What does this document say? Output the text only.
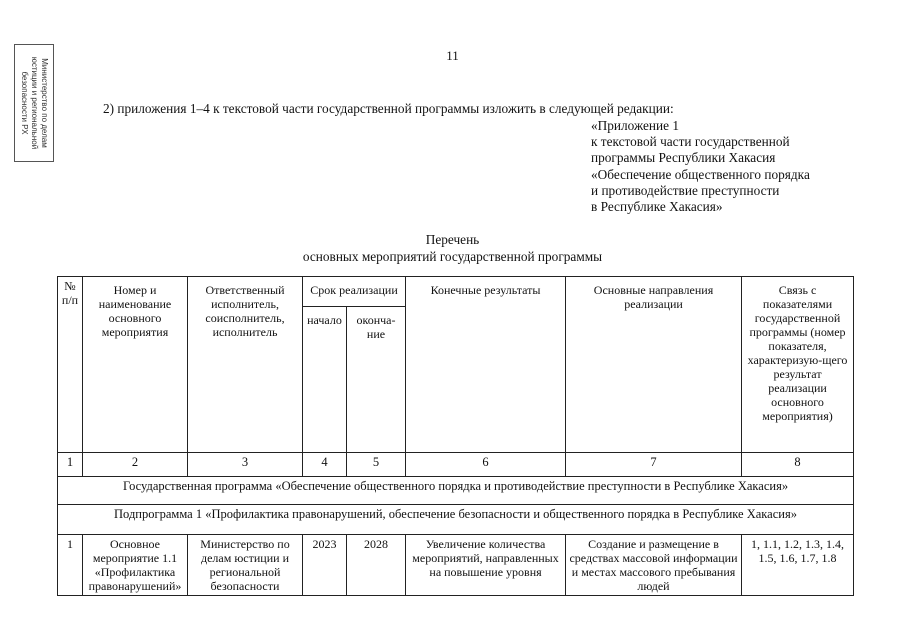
Министерство по делам юстиции и региональной безопасности РХ
11
2) приложения 1–4 к текстовой части государственной программы изложить в следующей редакции:
«Приложение 1
к текстовой части государственной
программы Республики Хакасия
«Обеспечение общественного порядка
и противодействие преступности
в Республике Хакасия»
Перечень
основных мероприятий государственной программы
№ п/п	Номер и наименование основного мероприятия	Ответственный исполнитель, соисполнитель, исполнитель	Срок реализации		Конечные результаты	Основные направления реализации	Связь с показателями государственной программы (номер показателя, характеризую-щего результат реализации основного мероприятия)
			начало	оконча-ние			
1	2	3	4	5	6	7	8
Государственная программа «Обеспечение общественного порядка и противодействие преступности в Республике Хакасия»							
Подпрограмма 1 «Профилактика правонарушений, обеспечение безопасности и общественного порядка в Республике Хакасия»							
1	Основное мероприятие 1.1 «Профилактика правонарушений»	Министерство по делам юстиции и региональной безопасности	2023	2028	Увеличение количества мероприятий, направленных на повышение уровня	Создание и размещение в средствах массовой информации и местах массового пребывания людей	1, 1.1, 1.2, 1.3, 1.4, 1.5, 1.6, 1.7, 1.8
